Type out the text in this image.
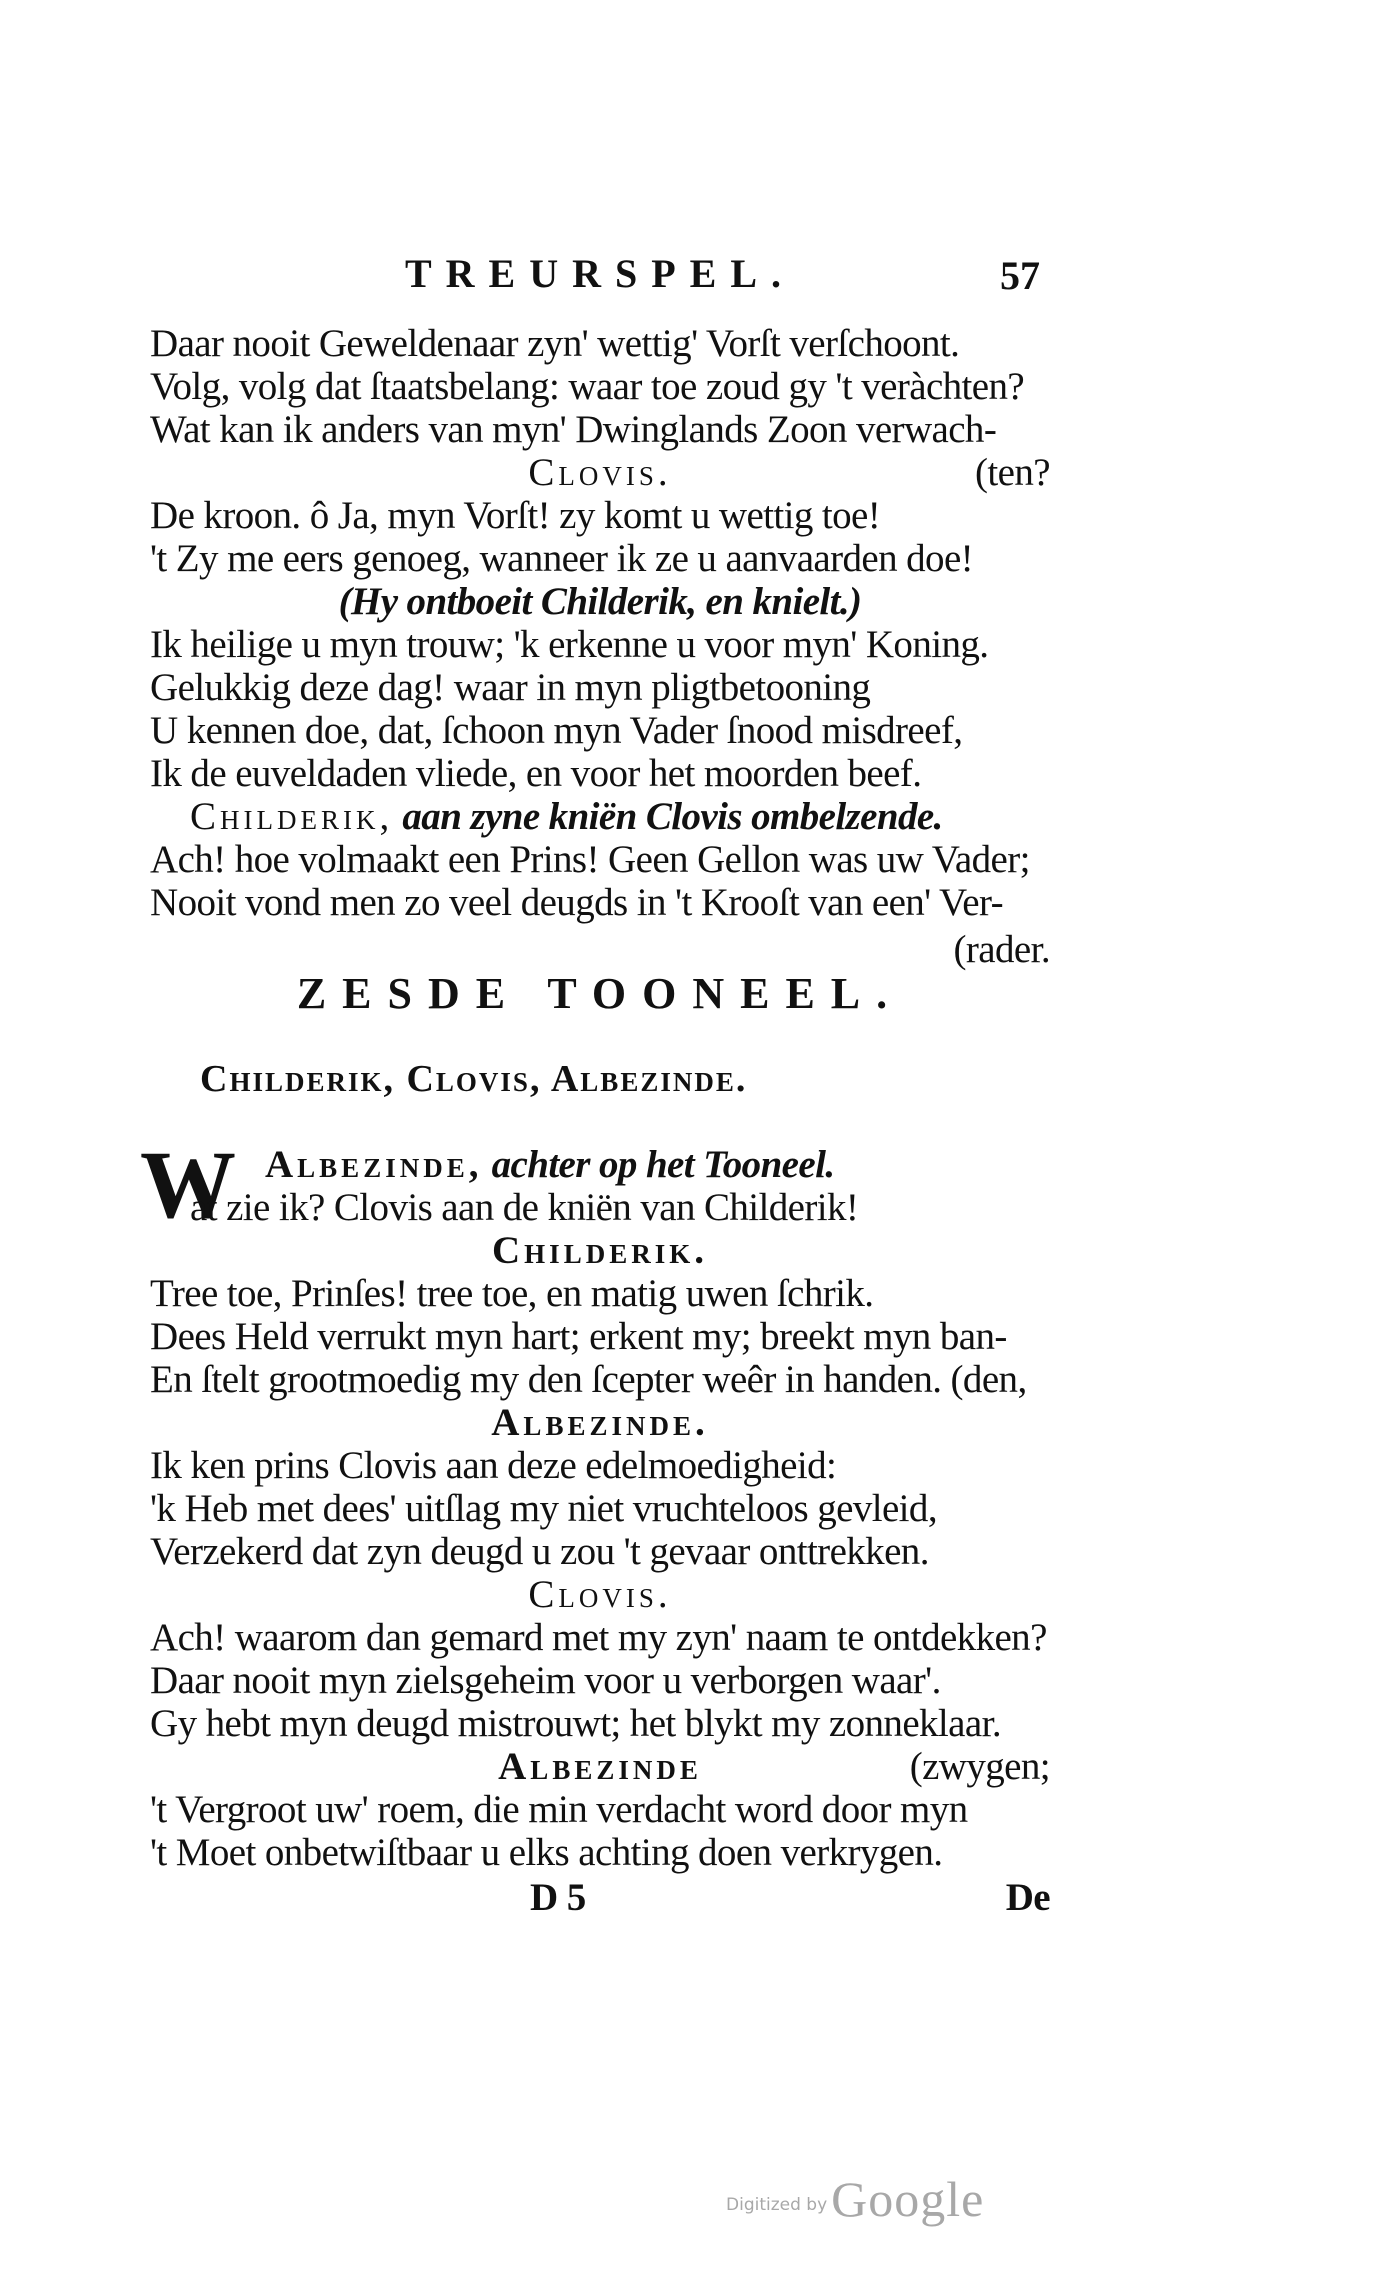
TREURSPEL.	57
Daar nooit Geweldenaar zyn' wettig' Vorſt verſchoont.
Volg, volg dat ſtaatsbelang: waar toe zoud gy 't veràchten?
Wat kan ik anders van myn' Dwinglands Zoon verwach-
Clovis.	(ten?
De kroon. ô Ja, myn Vorſt! zy komt u wettig toe!
't Zy me eers genoeg, wanneer ik ze u aanvaarden doe!
(Hy ontboeit Childerik, en knielt.)
Ik heilige u myn trouw; 'k erkenne u voor myn' Koning.
Gelukkig deze dag! waar in myn pligtbetooning
U kennen doe, dat, ſchoon myn Vader ſnood misdreef,
Ik de euveldaden vliede, en voor het moorden beef.
Childerik, aan zyne kniën Clovis ombelzende.
Ach! hoe volmaakt een Prins! Geen Gellon was uw Vader;
Nooit vond men zo veel deugds in 't Krooſt van een' Ver-
(rader.
ZESDE TOONEEL.
Childerik, Clovis, Albezinde.
W Albezinde, achter op het Tooneel.
at zie ik? Clovis aan de kniën van Childerik!
Childerik.
Tree toe, Prinſes! tree toe, en matig uwen ſchrik.
Dees Held verrukt myn hart; erkent my; breekt myn ban-
En ſtelt grootmoedig my den ſcepter weêr in handen. (den,
Albezinde.
Ik ken prins Clovis aan deze edelmoedigheid:
'k Heb met dees' uitſlag my niet vruchteloos gevleid,
Verzekerd dat zyn deugd u zou 't gevaar onttrekken.
Clovis.
Ach! waarom dan gemard met my zyn' naam te ontdekken?
Daar nooit myn zielsgeheim voor u verborgen waar'.
Gy hebt myn deugd mistrouwt; het blykt my zonneklaar.
Albezinde	(zwygen;
't Vergroot uw' roem, die min verdacht word door myn
't Moet onbetwiſtbaar u elks achting doen verkrygen.
D 5	De
Digitized byGoogle
